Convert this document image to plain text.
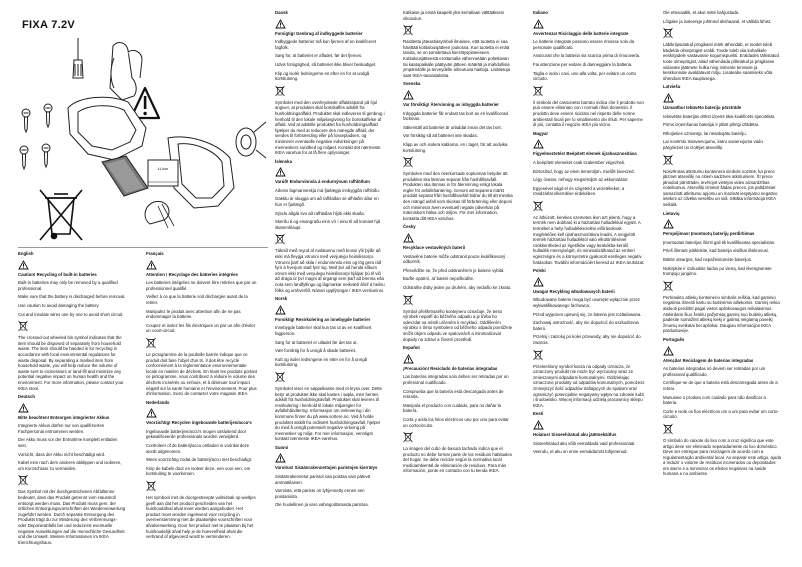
FIXA 7.2V
Li-ion

English

Caution! Recycling of built-in batteries

Built-in batteries may only be removed by a qualified professional.

Make sure that the battery is discharged before removal.

Use caution to avoid damaging the battery.

Cut and insulate wires one by one to avoid short circuit.

The crossed-out wheeled bin symbol indicates that the item should be disposed of separately from household waste. The item should be handed in for recycling in accordance with local environmental regulations for waste disposal. By separating a marked item from household waste, you will help reduce the volume of waste sent to incinerators or land-fill and minimize any potential negative impact on human health and the environment. For more information, please contact your IKEA store.

Deutsch

Bitte beachten! Entsorgen integrierter Akkus

Integrierte Akkus dürfen nur von qualifizierten Fachpersonal entnommen werden.

Der Akku muss vor der Entnahme komplett entladen sein.

Vorsicht, dass der Akku nicht beschädigt wird.

Kabel eins nach dem anderen abklippen und isolieren, um Kurzschluss zu vermeiden.

Das Symbol mit der durchgestrichenen Abfalltonne bedeutet, dass das Produkt getrennt vom Hausmüll entsorgt werden muss. Das Produkt muss gem. der örtlichen Entsorgungsvorschriften der Wiederverwertung zugeführt werden. Durch separate Entsorgung des Produkts trägt du zur Minderung des Verbrennungs- oder Deponieabfalls bei und reduzierst eventuelle negative Auswirkungen auf die menschliche Gesundheit und die Umwelt. Weitere Informationen im IKEA Einrichtungshaus.

Français

Attention ! Recyclage des batteries intégrées

Les batteries intégrées ne doivent être retirées que par un professionnel qualifié.

Veillez à ce que la batterie soit déchargée avant de la retirer.

Manipulez le produit avec attention afin de ne pas endommager la batterie.

Coupez et isolez les fils électriques un par un afin d'éviter un court-circuit.

Le pictogramme de la poubelle barrée indique que ce produit doit faire l'objet d'un tri. Il doit être recyclé conformément à la réglementation environnementale locale en matière de déchets. En triant les produits portant ce pictogramme, vous contribuez à réduire le volume des déchets incinérés ou enfouis, et à diminuer tout impact négatif sur la santé humaine et l'environnement. Pour plus d'information, merci de contacter votre magasin IKEA.

Nederlands

Voorzichtig! Recyclen ingebouwde batterijen/accu's

Ingebouwde batterijen/accu's mogen uitsluitend door gekwalificeerde professionals worden verwijderd.

Controleer of de batterij/accu ontladen is voordat deze wordt uitgenomen.

Wees voorzichtig zodat de batterij/accu niet beschadigt.

Knip de kabels door en isoleer deze, een voor een, om kortsluiting te voorkomen.

Het symbool met de doorgestreepte vuilnisbak op wieltjes geeft aan dat het product gescheiden van het huishoudafval afval moet worden aangeboden. Het product moet worden ingeleverd voor recycling in overeenstemming met de plaatselijke voorschriften voor afvalverwerking. Door het product niet te plaatsen bij het huishoudelijk afval help je de hoeveelheid afval die verbrand of afgevoerd wordt te verminderen.

Dansk

Forsigtig! Genbrug af indbyggede batterier

Indbyggede batterier må kun fjernes af en kvalificeret fagfolk.

Sørg for, at batteriet er afladet, før det fjernes.

Udvis forsigtighed, så batteriet ikke bliver beskadiget.

Klip og isolér ledningerne en efter en for at undgå kortslutning.

Symbolet med den overkrydsede affaldsspand på hjul angiver, at produktet skal bortskaffes adskilt fra husholdningsaffald. Produktet skal indleveres til genbrug i henhold til den lokale miljølovgivning for bortskaffelse af affald. Ved at adskille produktet fra husholdningsaffald hjælper du med at reducere den mængde affald, der sendes til forbrænding eller på lossepladsen, og minimerer eventuelle negative indvirkninger på menneskers sundhed og miljøet. Kontakt det nærmeste IKEA varehus for at få flere oplysninger.

Íslenska

Varúð! Endurvinnsla á endurnýnum rafhlöðum

Aðeins fagmanneskja má fjarlægja innbyggða rafhlöðu.

Gakktu úr skugga um að rafhlaðan sé afhlaðin áður en hún er fjarlægð.

Sýndu aðgát svo að rafhlaðan hljóti ekki skaða.

Skerðu á og einangraðu einn vír í einu til að komast hjá skammhlaupi.

Táknið með mynd af ruslatunnu með krossi yfir þýðir að ekki má fleygja vörunni með venjulegu heimilissorpi. Vörunni þarf að skila í endurvinnslu eins og lög gera ráð fyrir á hverjum stað fyrir sig. Með því að henda slíkum vörum ekki með venjulegu heimilissorpi hjálpar þú til við að draga úr því magni af úrgangi sem þarf að brenna eða nota sem landfyllingu og lágmarkar neikvæð áhrif á heilsu fólks og umhverfið. Nánari upplýsingar í IKEA versluninni.

Norsk

Forsiktig! Resirkulering av innebygde batterier

Innebygde batterier skal kun tas ut av en kvalifisert fagperson.

Sørg for at batteriet er utladet før det tas ut.

Vær forsiktig for å unngå å skade batteriet.

Kutt og isoler ledningene en etter en for å unngå kortslutning.

Symbolet viser en søppelkasse med et kryss over. Dette betyr at produktet ikke skal kastes i søpla, men hentes adskilt fra husholdningsavfall. Produktet skal leveres til resirkulering i henhold til lokale miljøregler for avfallshåndtering. Informasjon om innlevering i din kommune finner du på www.sortere.no. Ved å holde produktet atskilt fra ordinært husholdningsavfall, hjelper du med å unngå potensielt negative virkning på mennesker og miljø. For mer informasjon, vennligst kontakt nærmeste IKEA-varehus.

Suomi

Varoitus! Sisäänrakennettujen paristojen kierrätys

Sisäänrakennetut paristot saa poistaa vain pätevä ammattilainen.

Varmista, että paristo on tyhjennetty ennen sen poistamista.

Ole huolellinen ja varo vahingoittamasta paristoa.

Katkaise ja eristä kaapelit yksi kerrallaan välttääksesi oikosulun.

Rastitettu jäteastiasymboli ilmaisee, että tuotetta ei saa hävittää kotitalousjätteen joukossa. Kun tuotetta ei enää tarvita, se on toimitettava kierrätyspisteeseen. Kotitalousjätteestä erottamalla vähennetään poltettavan tai kaatopaikalle päätyvän jätteen määrää ja mahdollisia ympäristölle ja terveydelle aiheutuvia haittoja. Lisätietoja saat IKEA-tavaratalosta.

Svenska

Var försiktig! Återvinning av inbyggda batterier

Inbyggda batterier får endast tas bort av en kvalificerad fackman.

Säkerställ att batteriet är urladdat innan det tas bort.

Var försiktig så att batteriet inte skadas.

Klipp av och isolera kablarna, en i taget, för att undvika kortslutning.

Symbolen med den överkorsade soptunnan betyder att produkten ska lämnas separat från hushållsavfall. Produkten ska lämnas in för återvinning enligt lokala regler för avfallshantering. Genom att separera märkt produkt separat från hushållsavfall bidrar du till att minska den mängd avfall som skickas till förbränning eller deponi och minimerar även eventuell negativ påverkan på människors hälsa och miljön. För mer information, kontakta ditt IKEA varuhus.

Česky

Recyklace vestavěných baterií

Vestavěné baterie může odstranit pouze kvalifikovaný odborník.

Přesvědčte se, že před odstraněním je baterie vybitá.

Buďte opatrní, ať baterii nepoškodíte.

Odstraňte dráty jeden po druhém, aby nedošlo ke zkratu.

Symbol přeškrtnutého kontejneru označuje, že tento výrobek nepatří do běžného odpadu a je třeba ho odevzdat na místě určeném k recyklaci. Oddělením výrobku s tímto symbolem od běžného odpadu pomůžete snížit objem odpadu ve spalovnách a minimalizovat dopady na zdraví a životní prostředí.

Español

¡Precaución! Reciclado de baterías integradas

Las baterías integradas solo deben ser retiradas por un profesional cualificado.

Comprueba que la batería está descargada antes de retirarla.

Manipula el producto con cuidado, para no dañar la batería.

Corta y aísla los hilos eléctricos uno por uno para evitar un cortocircuito.

La imagen del cubo de basura tachado indica que el producto no debe formar parte de los residuos habituales del hogar. Se debe reciclar según la normativa local medioambiental de eliminación de residuos. Para más información, ponte en contacto con tu tienda IKEA.

Italiano

Avvertenza! Riciclaggio delle batterie integrate

Le batterie integrate possono essere rimosse solo da personale qualificato.

Assicurati che la batteria sia scarica prima di rimuoverla.

Fai attenzione per evitare di danneggiare la batteria.

Taglia e isola i cavi, uno alla volta, per evitare un corto circuito.

Il simbolo del cassonetto barrato indica che il prodotto non può essere eliminato con i normali rifiuti domestici. Il prodotto deve essere riciclato nel rispetto delle norme ambientali locali per lo smaltimento dei rifiuti. Per saperne di più, contatta il negozio IKEA più vicino.

Magyar

Figyelmeztetés! Beépített elemek újrahasznosítása

A beépített elemeket csak szakember végezheti.

Biztosítsd, hogy az elem lemerüljön, mielőtt kiveszed.

Légy óvatos, nehogy megsérüljön az akkumulátor.

Egyesével vágd el és szigeteld a vezetékeket, a rövidzárlat elkerülése érdekében.

Az áthúzott, kerekes szemetes ikon azt jelenti, hogy a termék nem dobható ki a háztartási hulladékkal együtt. A terméket a helyi hulladékkezelési előírásoknak megfelelően kell újrahasznosításra leadni. A megjelölt termék háztartási hulladéktól való elkülönítésével csökkentheted az égetőkbe vagy lerakókba kerülő hulladék mennyiségét, és minimalizálhatod az emberi egészségre és a környezetre gyakorolt esetleges negatív hatásokat. További információért keresd az IKEA áruházat.

Polski

Uwaga! Recykling wbudowanych baterii

Wbudowane baterie mogą być usunięte wyłącznie przez wykwalifikowanego fachowca.

Przed wyjęciem upewnij się, że bateria jest rozładowana.

Zachowaj ostrożność, aby nie dopuścić do uszkodzenia baterii.

Przetnij i zaizoluj po kolei przewody, aby nie dopuścić do zwarcia.

Przekreślony symbol kosza na odpady oznacza, że oznaczony produkt nie może być wyrzucany wraz ze zmieszanymi odpadami komunalnymi. Oddzielając oznaczone produkty od odpadów komunalnych, pomożesz zmniejszyć ilość odpadów trafiających do spalarni oraz ograniczyć potencjalnie negatywny wpływ na zdrowie ludzi i środowisko. Więcej informacji udzielą pracownicy sklepu IKEA.

Eesti

Hoiatus! Sisseehitatud aku jäätmekäitlus

Sisseehitatud aku võib eemaldada vaid professionaal.

Veendu, et aku on enne eemaldamist tühjenenud.

Ole ettevaatlik, et akut mitte kahjustada.

Lõigake ja isoleerige juhtmed ükshaaval, et vältida lühist.

Läbikriipsutatud prügikasti märk tähendab, et toodet tuleb käidelda olmeprügist eraldi. Toode tuleb viia kohalikele eeskirjadele vastavasse kogumispunkti. Eraldades tähistatud toote olmeprügist, aitad vähendada põletatud ja prügilasse viidavate jäätmete hulka ning inimeste tervisele ja keskkonnale avaldatavat mõju. Lisateabe saamiseks võta ühendust IKEA kauplusega.

Latviešu

Uzmanību! Iebūvēto bateriju pārstrāde

Iebūvētās baterijas drīkst izņemt tikai kvalificēts speciālists.

Pirms izņemšanas baterijai ir jābūt pilnīgi izlādētai.

Rīkojieties uzmanīgi, lai nesabojātu bateriju.

Lai novērstu īssavienojumu, katru savienojuma vadu pārgrieziet un izolējiet atsevišķi.

Nosvītrotas atkritumu konteinera simbols nozīmē, ka prece jāizmet atsevišķi no citiem sadzīves atkritumiem. Šī prece jānodod pārstrādei, ievērojot vietējos vides aizsardzības noteikumus. Atsevišķi izmetot šādas preces, jūs palīdzēsiet samazināt atkritumu apjomu un mazināt iespējamo negatīvo ietekmi uz cilvēka veselību un vidi. Sīkāka informācija IKEA veikalā.

Lietuvių

Perspėjimas! Įmontuotų baterijų perdirbimas

Įmontuotas baterijas išimti gali tik kvalifikuotas specialistas.

Prieš išimant įsitikinkite, kad baterija visiškai išsikrovusi.

Būkite atsargūs, kad nepažeistumėte baterijos.

Nukirpkite ir izoliuokite laidus po vieną, kad išvengtumėte trumpojo jungimo.

Perbraukto atliekų konteinerio simbolis reiškia, kad gaminio negalima išmesti kartu su buitinėmis atliekomis. Gaminį reikia atiduoti perdirbti pagal vietos aplinkosaugos reikalavimus. Atskirdami šiuo ženklu pažymėtą gaminį nuo buitinių atliekų, padėsite sumažinti atliekų kiekį ir galimą neigiamą poveikį žmonių sveikatai bei aplinkai. Daugiau informacijos IKEA parduotuvėje.

Português

Atenção! Reciclagem de baterias integradas

As baterias integradas só devem ser retiradas por um profissional qualificado.

Certifique-se de que a bateria está descarregada antes de a retirar.

Manuseie o produto com cuidado para não danificar a bateria.

Corte e isole os fios eléctricos um a um para evitar um curto-circuito.

O símbolo do caixote do lixo com a cruz significa que este artigo deve ser eliminado separadamente do lixo doméstico. Deve ser entregue para reciclagem de acordo com a regulamentação ambiental local. Ao separar este artigo, ajuda a reduzir o volume de resíduos incinerados ou depositados em aterro e a minimizar os efeitos negativos na saúde humana e no ambiente.
